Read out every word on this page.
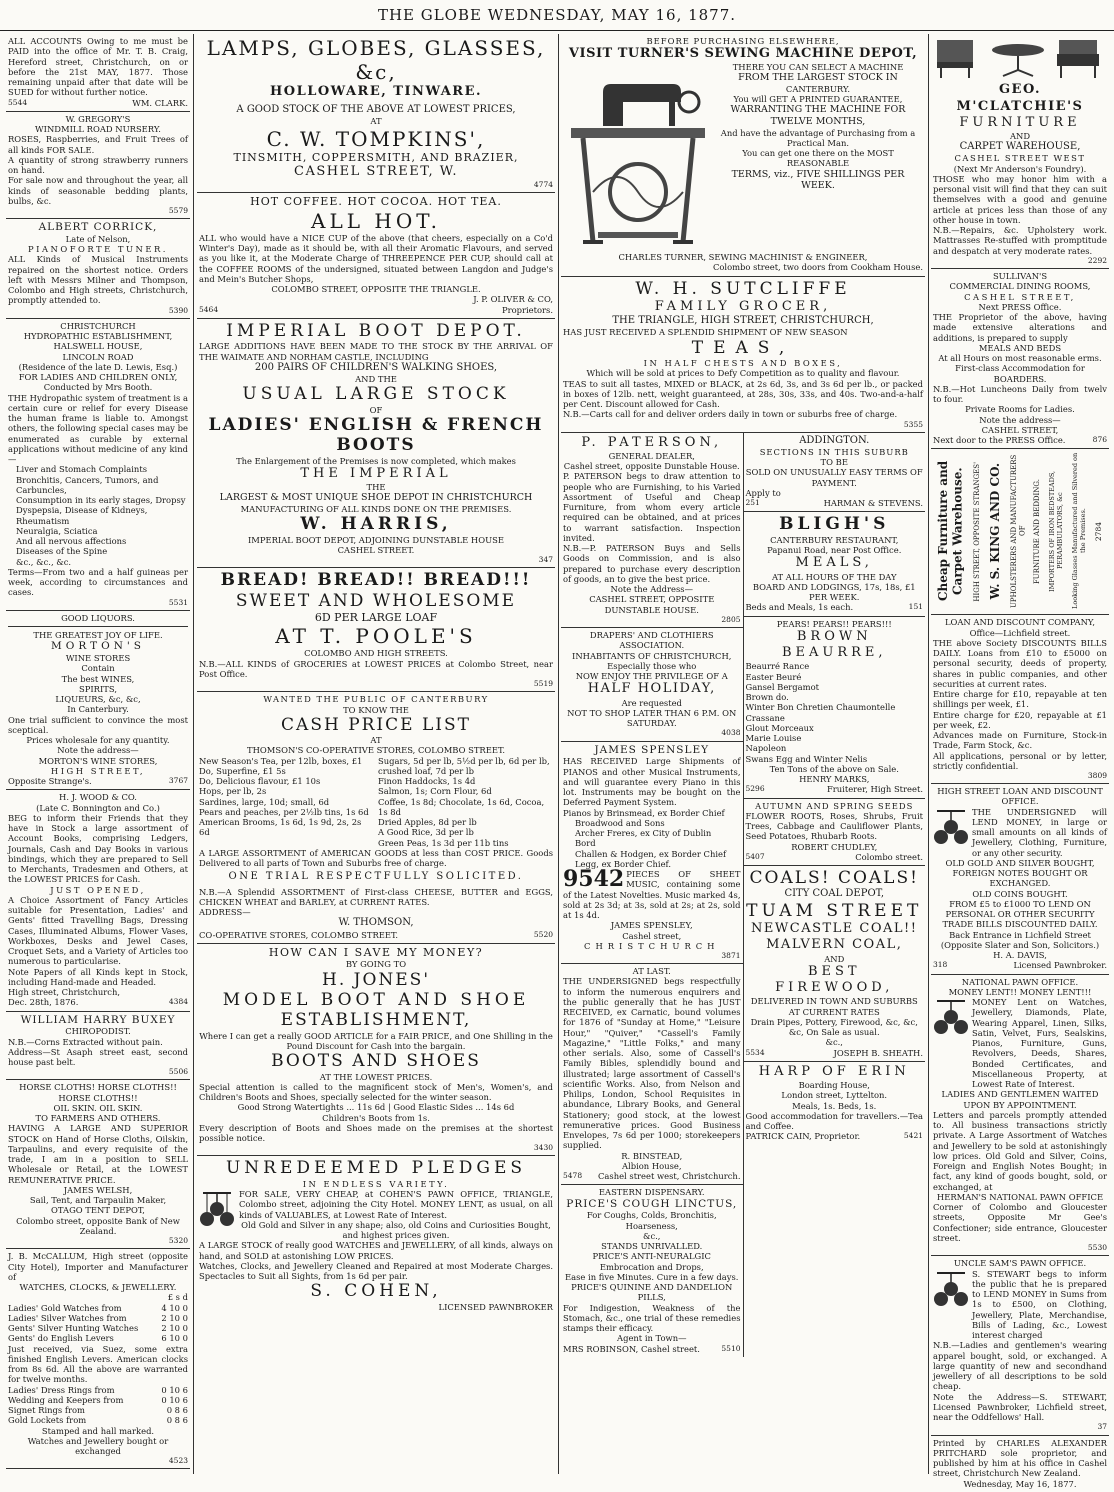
THE GLOBE WEDNESDAY, MAY 16, 1877.

ALL ACCOUNTS Owing to me must be PAID into the office of Mr. T. B. Craig, Hereford street, Christchurch, on or before the 21st MAY, 1877. Those remaining unpaid after that date will be SUED for without further notice.

5544	WM. CLARK.

W. GREGORY'S

WINDMILL ROAD NURSERY.

ROSES, Raspberries, and Fruit Trees of all kinds FOR SALE.

A quantity of strong strawberry runners on hand.

For sale now and throughout the year, all kinds of seasonable bedding plants, bulbs, &c.

5579

ALBERT CORRICK,

Late of Nelson,

PIANOFORTE TUNER.

ALL Kinds of Musical Instruments repaired on the shortest notice. Orders left with Messrs Milner and Thompson, Colombo and High streets, Christchurch, promptly attended to.

5390

CHRISTCHURCH

HYDROPATHIC ESTABLISHMENT,

HALSWELL HOUSE,

LINCOLN ROAD

(Residence of the late D. Lewis, Esq.)

FOR LADIES AND CHILDREN ONLY,

Conducted by Mrs Booth.

THE Hydropathic system of treatment is a certain cure or relief for every Disease the human frame is liable to. Amongst others, the following special cases may be enumerated as curable by external applications without medicine of any kind—

Liver and Stomach Complaints

Bronchitis, Cancers, Tumors, and Carbuncles,

Consumption in its early stages, Dropsy

Dyspepsia, Disease of Kidneys, Rheumatism

Neuralgia, Sciatica

And all nervous affections

Diseases of the Spine

&c., &c., &c.

Terms—From two and a half guineas per week, according to circumstances and cases.

5531

GOOD LIQUORS.

THE GREATEST JOY OF LIFE.

MORTON'S

WINE STORES

Contain

The best WINES,

SPIRITS,

LIQUEURS, &c, &c,

In Canterbury.

One trial sufficient to convince the most sceptical.

Prices wholesale for any quantity.

Note the address—

MORTON'S WINE STORES,

HIGH STREET,

Opposite Strange's.	3767

H. J. WOOD & CO.

(Late C. Bonnington and Co.)

BEG to inform their Friends that they have in Stock a large assortment of Account Books, comprising Ledgers, Journals, Cash and Day Books in various bindings, which they are prepared to Sell to Merchants, Tradesmen and Others, at the LOWEST PRICES for Cash.

JUST OPENED,

A Choice Assortment of Fancy Articles suitable for Presentation, Ladies' and Gents' fitted Travelling Bags, Dressing Cases, Illuminated Albums, Flower Vases, Workboxes, Desks and Jewel Cases, Croquet Sets, and a Variety of Articles too numerous to particularise.

Note Papers of all Kinds kept in Stock, including Hand-made and Headed.

High street, Christchurch,

Dec. 28th, 1876.	4384

WILLIAM HARRY BUXEY

CHIROPODIST.

N.B.—Corns Extracted without pain.

Address—St Asaph street east, second house past belt.

5506

HORSE CLOTHS! HORSE CLOTHS!!

HORSE CLOTHS!!

OIL SKIN. OIL SKIN.

TO FARMERS AND OTHERS.

HAVING A LARGE AND SUPERIOR STOCK on Hand of Horse Cloths, Oilskin, Tarpaulins, and every requisite of the trade, I am in a position to SELL Wholesale or Retail, at the LOWEST REMUNERATIVE PRICE.

JAMES WELSH,

Sail, Tent, and Tarpaulin Maker,

OTAGO TENT DEPOT,

Colombo street, opposite Bank of New Zealand.

5320

J. B. McCALLUM, High street (opposite City Hotel), Importer and Manufacturer of

WATCHES, CLOCKS, & JEWELLERY.

£ s d

Ladies' Gold Watches from	4 10 0
Ladies' Silver Watches from	2 10 0
Gents' Silver Hunting Watches	2 10 0
Gents' do English Levers	6 10 0

Just received, via Suez, some extra finished English Levers. American clocks from 8s 6d. All the above are warranted for twelve months.

Ladies' Dress Rings from	0 10 6
Wedding and Keepers from	0 10 6
Signet Rings from	0 8 6
Gold Lockets from	0 8 6

Stamped and hall marked.

Watches and Jewellery bought or exchanged

4523

LAMPS, GLOBES, GLASSES, &c,

HOLLOWARE, TINWARE.

A GOOD STOCK OF THE ABOVE AT LOWEST PRICES,

AT

C. W. TOMPKINS',

TINSMITH, COPPERSMITH, AND BRAZIER,

CASHEL STREET, W.

4774

HOT COFFEE. HOT COCOA. HOT TEA.

ALL HOT.

ALL who would have a NICE CUP of the above (that cheers, especially on a Co'd Winter's Day), made as it should be, with all their Aromatic Flavours, and served as you like it, at the Moderate Charge of THREEPENCE PER CUP, should call at the COFFEE ROOMS of the undersigned, situated between Langdon and Judge's and Mein's Butcher Shops,

COLOMBO STREET, OPPOSITE THE TRIANGLE.

J. P. OLIVER & CO,

5464	Proprietors.

IMPERIAL BOOT DEPOT.

LARGE ADDITIONS HAVE BEEN MADE TO THE STOCK BY THE ARRIVAL OF THE WAIMATE AND NORHAM CASTLE, INCLUDING

200 PAIRS OF CHILDREN'S WALKING SHOES,

AND THE

USUAL LARGE STOCK

OF

LADIES' ENGLISH & FRENCH BOOTS

The Enlargement of the Premises is now completed, which makes

THE IMPERIAL

THE

LARGEST & MOST UNIQUE SHOE DEPOT IN CHRISTCHURCH

MANUFACTURING OF ALL KINDS DONE ON THE PREMISES.

W. HARRIS,

IMPERIAL BOOT DEPOT, ADJOINING DUNSTABLE HOUSE

CASHEL STREET.

347

BREAD! BREAD!! BREAD!!!

SWEET AND WHOLESOME

6D PER LARGE LOAF

AT T. POOLE'S

COLOMBO AND HIGH STREETS.

N.B.—ALL KINDS of GROCERIES at LOWEST PRICES at Colombo Street, near Post Office.

5519

WANTED THE PUBLIC OF CANTERBURY

TO KNOW THE

CASH PRICE LIST

AT

THOMSON'S CO-OPERATIVE STORES, COLOMBO STREET.

New Season's Tea, per 12lb, boxes, £1

Do, Superfine, £1 5s

Do, Delicious flavour, £1 10s

Hops, per lb, 2s

Sardines, large, 10d; small, 6d

Pears and peaches, per 2½lb tins, 1s 6d

American Brooms, 1s 6d, 1s 9d, 2s, 2s 6d

Sugars, 5d per lb, 5½d per lb, 6d per lb,

crushed loaf, 7d per lb

Finon Haddocks, 1s 4d

Salmon, 1s; Corn Flour, 6d

Coffee, 1s 8d; Chocolate, 1s 6d, Cocoa, 1s 8d

Dried Apples, 8d per lb

A Good Rice, 3d per lb

Green Peas, 1s 3d per 11b tins

A LARGE ASSORTMENT of AMERICAN GOODS at less than COST PRICE. Goods Delivered to all parts of Town and Suburbs free of charge.

ONE TRIAL RESPECTFULLY SOLICITED.

N.B.—A Splendid ASSORTMENT of First-class CHEESE, BUTTER and EGGS, CHICKEN WHEAT and BARLEY, at CURRENT RATES.

ADDRESS—

W. THOMSON,

CO-OPERATIVE STORES, COLOMBO STREET.	5520

HOW CAN I SAVE MY MONEY?

BY GOING TO

H. JONES'

MODEL BOOT AND SHOE

ESTABLISHMENT,

Where I can get a really GOOD ARTICLE for a FAIR PRICE, and One Shilling in the Pound Discount for Cash into the bargain.

BOOTS AND SHOES

AT THE LOWEST PRICES.

Special attention is called to the magnificent stock of Men's, Women's, and Children's Boots and Shoes, specially selected for the winter season.

Good Strong Watertights ... 11s 6d | Good Elastic Sides ... 14s 6d

Children's Boots from 1s.

Every description of Boots and Shoes made on the premises at the shortest possible notice.

3430

UNREDEEMED PLEDGES

IN ENDLESS VARIETY.

FOR SALE, VERY CHEAP, at COHEN'S PAWN OFFICE, TRIANGLE, Colombo street, adjoining the City Hotel. MONEY LENT, as usual, on all kinds of VALUABLES, at Lowest Rate of Interest.

Old Gold and Silver in any shape; also, old Coins and Curiosities Bought, and highest prices given.

A LARGE STOCK of really good WATCHES and JEWELLERY, of all kinds, always on hand, and SOLD at astonishing LOW PRICES.

Watches, Clocks, and Jewellery Cleaned and Repaired at most Moderate Charges. Spectacles to Suit all Sights, from 1s 6d per pair.

S. COHEN,

LICENSED PAWNBROKER

BEFORE PURCHASING ELSEWHERE,

VISIT TURNER'S SEWING MACHINE DEPOT,

THERE YOU CAN SELECT A MACHINE

FROM THE LARGEST STOCK IN

CANTERBURY.

You will GET A PRINTED GUARANTEE,

WARRANTING THE MACHINE FOR

TWELVE MONTHS,

And have the advantage of Purchasing from a

Practical Man.

You can get one there on the MOST REASONABLE

TERMS, viz., FIVE SHILLINGS PER

WEEK.

CHARLES TURNER, SEWING MACHINIST & ENGINEER,

Colombo street, two doors from Cookham House.

W. H. SUTCLIFFE

FAMILY GROCER,

THE TRIANGLE, HIGH STREET, CHRISTCHURCH,

HAS JUST RECEIVED A SPLENDID SHIPMENT OF NEW SEASON

TEAS,

IN HALF CHESTS AND BOXES,

Which will be sold at prices to Defy Competition as to quality and flavour.

TEAS to suit all tastes, MIXED or BLACK, at 2s 6d, 3s, and 3s 6d per lb., or packed in boxes of 12lb. nett, weight guaranteed, at 28s, 30s, 33s, and 40s. Two-and-a-half per Cent. Discount allowed for Cash.

N.B.—Carts call for and deliver orders daily in town or suburbs free of charge.

5355

P. PATERSON,

GENERAL DEALER,

Cashel street, opposite Dunstable House.

P. PATERSON begs to draw attention to people who are Furnishing, to his Varied Assortment of Useful and Cheap Furniture, from whom every article required can be obtained, and at prices to warrant satisfaction. Inspection invited.

N.B.—P. PATERSON Buys and Sells Goods on Commission, and is also prepared to purchase every description of goods, an to give the best price.

Note the Address—

CASHEL STREET, OPPOSITE DUNSTABLE HOUSE.

2805

DRAPERS' AND CLOTHIERS ASSOCIATION.

INHABITANTS OF CHRISTCHURCH,

Especially those who

NOW ENJOY THE PRIVILEGE OF A

HALF HOLIDAY,

Are requested

NOT TO SHOP LATER THAN 6 P.M. ON SATURDAY.

4038

JAMES SPENSLEY

HAS RECEIVED Large Shipments of PIANOS and other Musical Instruments, and will guarantee every Piano in this lot. Instruments may be bought on the Deferred Payment System.

Pianos by Brinsmead, ex Border Chief

Broadwood and Sons

Archer Freres, ex City of Dublin

Bord

Challen & Hodgen, ex Border Chief

Legg, ex Border Chief.

9542 PIECES OF SHEET MUSIC, containing some of the Latest Novelties. Music marked 4s, sold at 2s 3d; at 3s, sold at 2s; at 2s, sold at 1s 4d.

JAMES SPENSLEY,

Cashel street,

CHRISTCHURCH

3871

AT LAST.

THE UNDERSIGNED begs respectfully to inform the numerous enquirers and the public generally that he has JUST RECEIVED, ex Carnatic, bound volumes for 1876 of "Sunday at Home," "Leisure Hour," "Quiver," "Cassell's Family Magazine," "Little Folks," and many other serials. Also, some of Cassell's Family Bibles, splendidly bound and illustrated; large assortment of Cassell's scientific Works. Also, from Nelson and Philips, London, School Requisites in abundance, Library Books, and General Stationery; good stock, at the lowest remunerative prices. Good Business Envelopes, 7s 6d per 1000; storekeepers supplied.

R. BINSTEAD,

Albion House,

5478 Cashel street west, Christchurch.

EASTERN DISPENSARY.

PRICE'S COUGH LINCTUS,

For Coughs, Colds, Bronchitis, Hoarseness,

&c.,

STANDS UNRIVALLED.

PRICE'S ANTI-NEURALGIC

Embrocation and Drops,

Ease in five Minutes. Cure in a few days.

PRICE'S QUININE AND DANDELION PILLS,

For Indigestion, Weakness of the Stomach, &c., one trial of these remedies stamps their efficacy.

Agent in Town—

MRS ROBINSON, Cashel street.	5510

ADDINGTON.

SECTIONS IN THIS SUBURB

TO BE

SOLD ON UNUSUALLY EASY TERMS OF PAYMENT.

Apply to

251	HARMAN & STEVENS.

BLIGH'S

CANTERBURY RESTAURANT,

Papanui Road, near Post Office.

MEALS,

AT ALL HOURS OF THE DAY

BOARD AND LODGINGS, 17s, 18s, £1 PER WEEK.

Beds and Meals, 1s each.	151

PEARS! PEARS!! PEARS!!!

BROWN BEAURRE,

Beaurré Rance

Easter Beuré

Gansel Bergamot

Brown do.

Winter Bon Chretien Chaumontelle

Crassane

Glout Morceaux

Marie Louise

Napoleon

Swans Egg and Winter Nelis

Ten Tons of the above on Sale.

HENRY MARKS,

5296	Fruiterer, High Street.

AUTUMN AND SPRING SEEDS

FLOWER ROOTS, Roses, Shrubs, Fruit Trees, Cabbage and Cauliflower Plants, Seed Potatoes, Rhubarb Roots.

ROBERT CHUDLEY,

5407	Colombo street.

COALS! COALS!

CITY COAL DEPOT,

TUAM STREET

NEWCASTLE COAL!!

MALVERN COAL,

AND

BEST FIREWOOD,

DELIVERED IN TOWN AND SUBURBS AT CURRENT RATES

Drain Pipes, Pottery, Firewood, &c, &c, &c, On Sale as usual.

&c.,

5534	JOSEPH B. SHEATH.

HARP OF ERIN

Boarding House,

London street, Lyttelton.

Meals, 1s. Beds, 1s.

Good accommodation for travellers.—Tea and Coffee.

PATRICK CAIN, Proprietor.	5421

GEO. M'CLATCHIE'S

FURNITURE

AND

CARPET WAREHOUSE,

CASHEL STREET WEST

(Next Mr Anderson's Foundry).

THOSE who may honor him with a personal visit will find that they can suit themselves with a good and genuine article at prices less than those of any other house in town.

N.B.—Repairs, &c. Upholstery work. Mattrasses Re-stuffed with promptitude and despatch at very moderate rates.

2292

SULLIVAN'S

COMMERCIAL DINING ROOMS,

CASHEL STREET,

Next PRESS Office.

THE Proprietor of the above, having made extensive alterations and additions, is prepared to supply

MEALS AND BEDS

At all Hours on most reasonable erms.

First-class Accommodation for

BOARDERS.

N.B.—Hot Luncheons Daily from twelv to four.

Private Rooms for Ladies.

Note the address—

CASHEL STREET,

Next door to the PRESS Office.	876
Cheap Furniture and Carpet Warehouse. HIGH STREET, OPPOSITE STRANGES' W. S. KING AND CO. UPHOLSTERERS AND MANUFACTURERS OF FURNITURE AND BEDDING. IMPORTERS OF IRON BEDSTEADS, PERAMBULATORS, &c Looking Glasses Manufactured and Silvered on the Premises. 2784

LOAN AND DISCOUNT COMPANY,

Office—Lichfield street.

THE above Society DISCOUNTS BILLS DAILY. Loans from £10 to £5000 on personal security, deeds of property, shares in public companies, and other securities at current rates.

Entire charge for £10, repayable at ten shillings per week, £1.

Entire charge for £20, repayable at £1 per week, £2.

Advances made on Furniture, Stock-in Trade, Farm Stock, &c.

All applications, personal or by letter, strictly confidential.

3809

HIGH STREET LOAN AND DISCOUNT OFFICE.

THE UNDERSIGNED will LEND MONEY, in large or small amounts on all kinds of Jewellery, Clothing, Furniture, or any other security.

OLD GOLD AND SILVER BOUGHT, FOREIGN NOTES BOUGHT OR EXCHANGED.

OLD COINS BOUGHT.

FROM £5 to £1000 TO LEND ON PERSONAL OR OTHER SECURITY

TRADE BILLS DISCOUNTED DAILY.

Back Entrance in Lichfield Street

(Opposite Slater and Son, Solicitors.)

H. A. DAVIS,

318	Licensed Pawnbroker.

NATIONAL PAWN OFFICE.

MONEY LENT!! MONEY LENT!!!

MONEY Lent on Watches, Jewellery, Diamonds, Plate, Wearing Apparel, Linen, Silks, Satin, Velvet, Furs, Sealskins, Pianos, Furniture, Guns, Revolvers, Deeds, Shares, Bonded Certificates, and Miscellaneous Property, at Lowest Rate of Interest.

LADIES AND GENTLEMEN WAITED UPON BY APPOINTMENT.

Letters and parcels promptly attended to. All business transactions strictly private. A Large Assortment of Watches and Jewellery to be sold at astonishingly low prices. Old Gold and Silver, Coins, Foreign and English Notes Bought; in fact, any kind of goods bought, sold, or exchanged, at

HERMAN'S NATIONAL PAWN OFFICE

Corner of Colombo and Gloucester streets, Opposite Mr Gee's Confectioner; side entrance, Gloucester street.

5530

UNCLE SAM'S PAWN OFFICE.

S. STEWART begs to inform the public that he is prepared to LEND MONEY in Sums from 1s to £500, on Clothing, Jewellery, Plate, Merchandise, Bills of Lading, &c., Lowest interest charged

N.B.—Ladies and gentlemen's wearing apparel bought, sold, or exchanged. A large quantity of new and secondhand jewellery of all descriptions to be sold cheap.

Note the Address—S. STEWART, Licensed Pawnbroker, Lichfield street, near the Oddfellows' Hall.

37

Printed by CHARLES ALEXANDER PRITCHARD sole proprietor, and published by him at his office in Cashel street, Christchurch New Zealand.

Wednesday, May 16, 1877.
